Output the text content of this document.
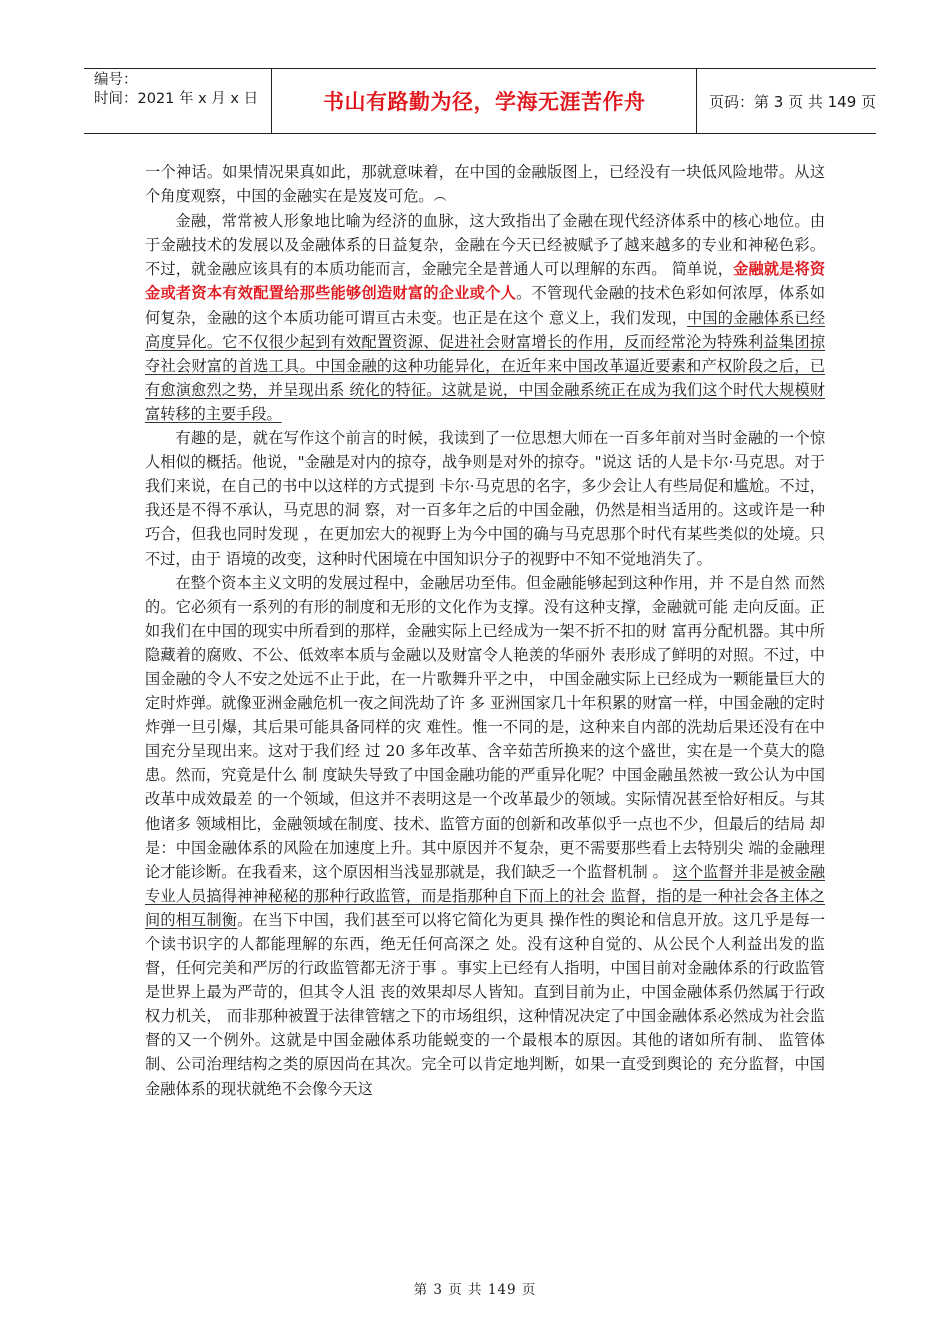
编号：
时间：2021 年 x 月 x 日	书山有路勤为径，学海无涯苦作舟	页码：第 3 页 共 149 页

一个神话。如果情况果真如此，那就意味着，在中国的金融版图上，已经没有一块低风险地带。从这个角度观察，中国的金融实在是岌岌可危。︵

金融，常常被人形象地比喻为经济的血脉，这大致指出了金融在现代经济体系中的核心地位。由于金融技术的发展以及金融体系的日益复杂，金融在今天已经被赋予了越来越多的专业和神秘色彩。不过，就金融应该具有的本质功能而言，金融完全是普通人可以理解的东西。 简单说，金融就是将资金或者资本有效配置给那些能够创造财富的企业或个人。不管现代金融的技术色彩如何浓厚，体系如何复杂，金融的这个本质功能可谓亘古未变。也正是在这个 意义上，我们发现，中国的金融体系已经高度异化。它不仅很少起到有效配置资源、促进社会财富增长的作用，反而经常沦为特殊利益集团掠夺社会财富的首选工具。中国金融的这种功能异化，在近年来中国改革逼近要素和产权阶段之后，已有愈演愈烈之势，并呈现出系 统化的特征。这就是说，中国金融系统正在成为我们这个时代大规模财富转移的主要手段。

有趣的是，就在写作这个前言的时候，我读到了一位思想大师在一百多年前对当时金融的一个惊人相似的概括。他说，"金融是对内的掠夺，战争则是对外的掠夺。"说这 话的人是卡尔·马克思。对于我们来说，在自己的书中以这样的方式提到 卡尔·马克思的名字，多少会让人有些局促和尴尬。不过，我还是不得不承认，马克思的洞 察，对一百多年之后的中国金融，仍然是相当适用的。这或许是一种巧合，但我也同时发现 ，在更加宏大的视野上为今中国的确与马克思那个时代有某些类似的处境。只不过，由于 语境的改变，这种时代困境在中国知识分子的视野中不知不觉地消失了。

在整个资本主义文明的发展过程中，金融居功至伟。但金融能够起到这种作用，并 不是自然 而然的。它必须有一系列的有形的制度和无形的文化作为支撑。没有这种支撑，金融就可能 走向反面。正如我们在中国的现实中所看到的那样，金融实际上已经成为一架不折不扣的财 富再分配机器。其中所隐藏着的腐败、不公、低效率本质与金融以及财富令人艳羡的华丽外 表形成了鲜明的对照。不过，中国金融的令人不安之处远不止于此，在一片歌舞升平之中， 中国金融实际上已经成为一颗能量巨大的定时炸弹。就像亚洲金融危机一夜之间洗劫了许 多 亚洲国家几十年积累的财富一样，中国金融的定时炸弹一旦引爆，其后果可能具备同样的灾 难性。惟一不同的是，这种来自内部的洗劫后果还没有在中国充分呈现出来。这对于我们经 过 20 多年改革、含辛茹苦所换来的这个盛世，实在是一个莫大的隐患。然而，究竟是什么 制 度缺失导致了中国金融功能的严重异化呢？中国金融虽然被一致公认为中国改革中成效最差 的一个领域，但这并不表明这是一个改革最少的领域。实际情况甚至恰好相反。与其他诸多 领域相比，金融领域在制度、技术、监管方面的创新和改革似乎一点也不少，但最后的结局 却是：中国金融体系的风险在加速度上升。其中原因并不复杂，更不需要那些看上去特别尖 端的金融理论才能诊断。在我看来，这个原因相当浅显那就是，我们缺乏一个监督机制 。 这个监督并非是被金融专业人员搞得神神秘秘的那种行政监管，而是指那种自下而上的社会 监督，指的是一种社会各主体之间的相互制衡。在当下中国，我们甚至可以将它简化为更具 操作性的舆论和信息开放。这几乎是每一个读书识字的人都能理解的东西，绝无任何高深之 处。没有这种自觉的、从公民个人利益出发的监督，任何完美和严厉的行政监管都无济于事 。事实上已经有人指明，中国目前对金融体系的行政监管是世界上最为严苛的，但其令人沮 丧的效果却尽人皆知。直到目前为止，中国金融体系仍然属于行政权力机关， 而非那种被置于法律管辖之下的市场组织，这种情况决定了中国金融体系必然成为社会监 督的又一个例外。这就是中国金融体系功能蜕变的一个最根本的原因。其他的诸如所有制、 监管体制、公司治理结构之类的原因尚在其次。完全可以肯定地判断，如果一直受到舆论的 充分监督，中国金融体系的现状就绝不会像今天这

第 3 页 共 149 页
